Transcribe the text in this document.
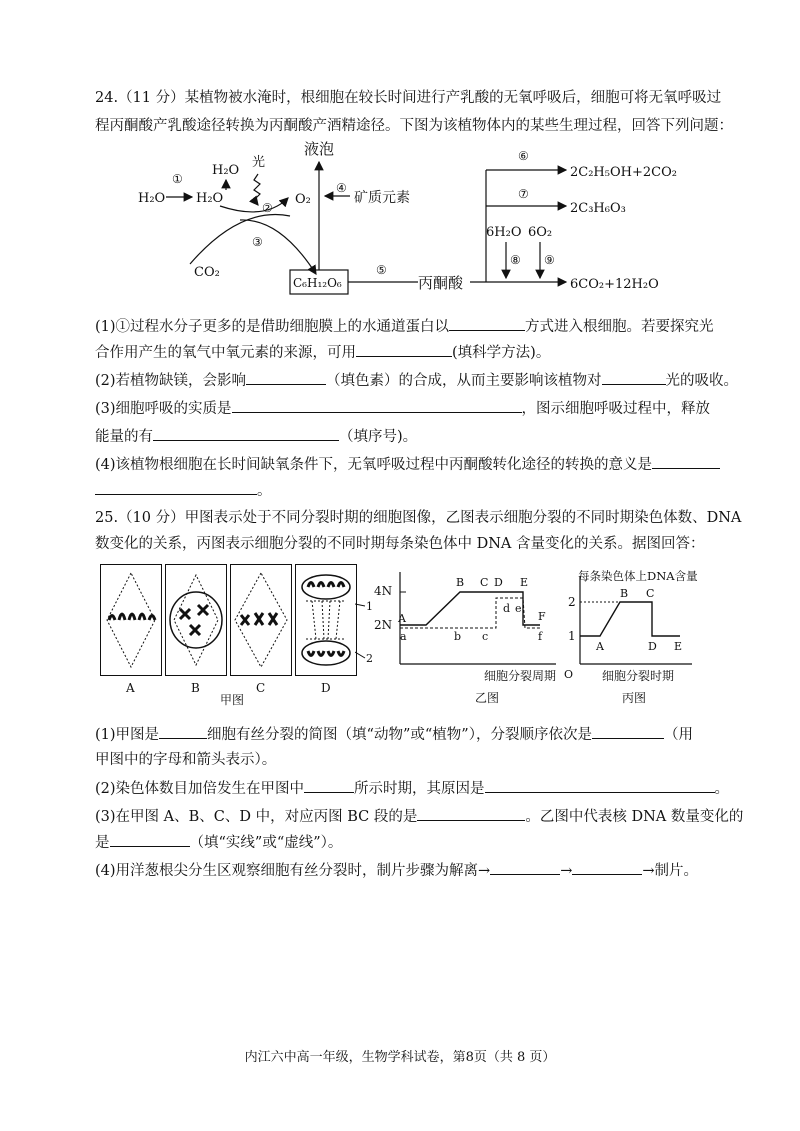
24.（11 分）某植物被水淹时，根细胞在较长时间进行产乳酸的无氧呼吸后，细胞可将无氧呼吸过
程丙酮酸产乳酸途径转换为丙酮酸产酒精途径。下图为该植物体内的某些生理过程，回答下列问题：
H₂O
①
H₂O
H₂O
光
②
O₂
③
CO₂
液泡
④
矿质元素
C₆H₁₂O₆
⑤
丙酮酸
⑥
2C₂H₅OH+2CO₂
⑦
2C₃H₆O₃
6H₂O 6O₂
⑧ ⑨
6CO₂+12H₂O
(1)①过程水分子更多的是借助细胞膜上的水通道蛋白以	方式进入根细胞。若要探究光
合作用产生的氧气中氧元素的来源，可用	(填科学方法)。
(2)若植物缺镁，会影响	（填色素）的合成，从而主要影响该植物对	光的吸收。
(3)细胞呼吸的实质是	，图示细胞呼吸过程中，释放
能量的有	（填序号)。
(4)该植物根细胞在长时间缺氧条件下，无氧呼吸过程中丙酮酸转化途径的转换的意义是
。
25.（10 分）甲图表示处于不同分裂时期的细胞图像，乙图表示细胞分裂的不同时期染色体数、DNA
数变化的关系，丙图表示细胞分裂的不同时期每条染色体中 DNA 含量变化的关系。据图回答：
1
2
A	B	C	D
甲图
4N
2N A
B C D E
F
a	b c
d e
f
细胞分裂周期
乙图
每条染色体上DNA含量
2
1
A
B C
D E
O 细胞分裂时期
丙图
(1)甲图是	细胞有丝分裂的简图（填“动物”或“植物”），分裂顺序依次是	（用
甲图中的字母和箭头表示）。
(2)染色体数目加倍发生在甲图中	所示时期，其原因是	。
(3)在甲图 A、B、C、D 中，对应丙图 BC 段的是	。乙图中代表核 DNA 数量变化的
是	（填“实线”或“虚线”）。
(4)用洋葱根尖分生区观察细胞有丝分裂时，制片步骤为解离→	→	→制片。
内江六中高一年级，生物学科试卷，第8页（共 8 页）
